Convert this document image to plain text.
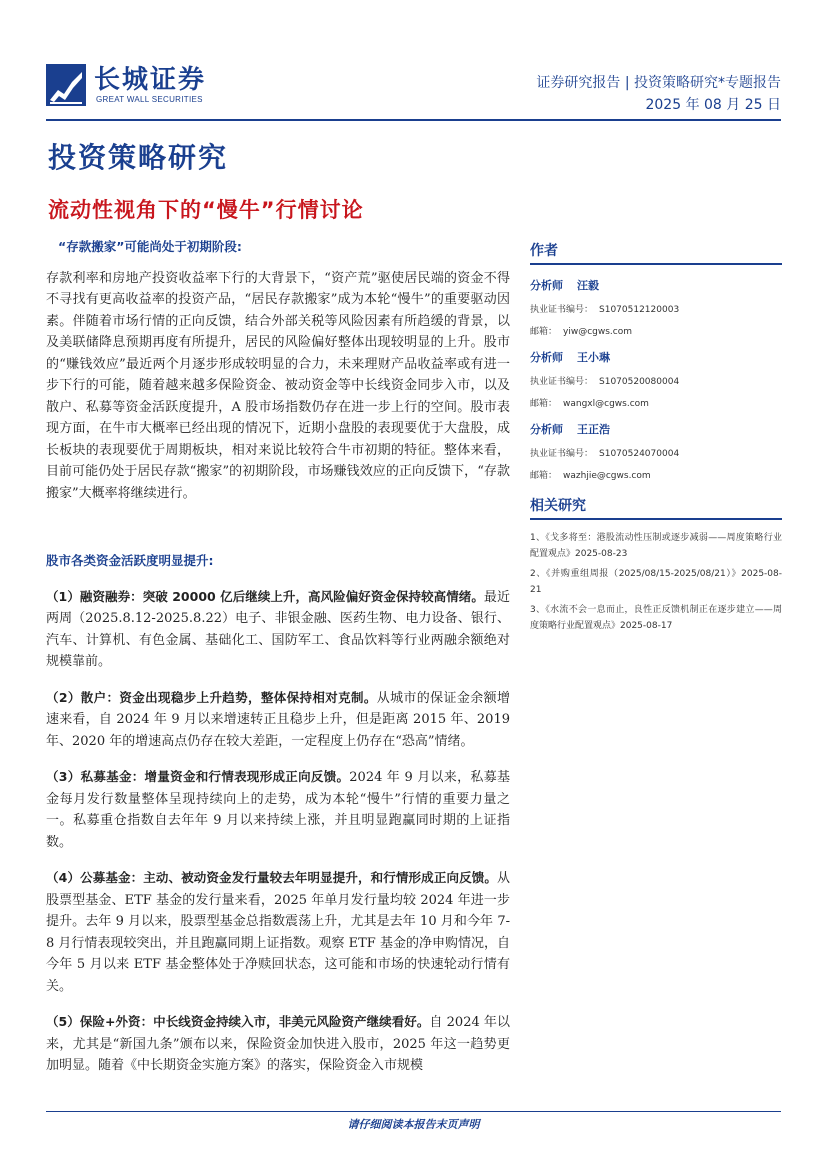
长城证券
GREAT WALL SECURITIES
证券研究报告 | 投资策略研究*专题报告
2025 年 08 月 25 日
投资策略研究
流动性视角下的“慢牛”行情讨论
“存款搬家”可能尚处于初期阶段:
存款利率和房地产投资收益率下行的大背景下，“资产荒”驱使居民端的资金不得不寻找有更高收益率的投资产品，“居民存款搬家”成为本轮“慢牛”的重要驱动因素。伴随着市场行情的正向反馈，结合外部关税等风险因素有所趋缓的背景，以及美联储降息预期再度有所提升，居民的风险偏好整体出现较明显的上升。股市的“赚钱效应”最近两个月逐步形成较明显的合力，未来理财产品收益率或有进一步下行的可能，随着越来越多保险资金、被动资金等中长线资金同步入市，以及散户、私募等资金活跃度提升，A 股市场指数仍存在进一步上行的空间。股市表现方面，在牛市大概率已经出现的情况下，近期小盘股的表现要优于大盘股，成长板块的表现要优于周期板块，相对来说比较符合牛市初期的特征。整体来看，目前可能仍处于居民存款“搬家”的初期阶段，市场赚钱效应的正向反馈下，“存款搬家”大概率将继续进行。
股市各类资金活跃度明显提升:
（1）融资融券：突破 20000 亿后继续上升，高风险偏好资金保持较高情绪。最近两周（2025.8.12-2025.8.22）电子、非银金融、医药生物、电力设备、银行、汽车、计算机、有色金属、基础化工、国防军工、食品饮料等行业两融余额绝对规模靠前。
（2）散户：资金出现稳步上升趋势，整体保持相对克制。从城市的保证金余额增速来看，自 2024 年 9 月以来增速转正且稳步上升，但是距离 2015 年、2019 年、2020 年的增速高点仍存在较大差距，一定程度上仍存在“恐高”情绪。
（3）私募基金：增量资金和行情表现形成正向反馈。2024 年 9 月以来，私募基金每月发行数量整体呈现持续向上的走势，成为本轮“慢牛”行情的重要力量之一。私募重仓指数自去年年 9 月以来持续上涨，并且明显跑赢同时期的上证指数。
（4）公募基金：主动、被动资金发行量较去年明显提升，和行情形成正向反馈。从股票型基金、ETF 基金的发行量来看，2025 年单月发行量均较 2024 年进一步提升。去年 9 月以来，股票型基金总指数震荡上升，尤其是去年 10 月和今年 7-8 月行情表现较突出，并且跑赢同期上证指数。观察 ETF 基金的净申购情况，自今年 5 月以来 ETF 基金整体处于净赎回状态，这可能和市场的快速轮动行情有关。
（5）保险+外资：中长线资金持续入市，非美元风险资产继续看好。自 2024 年以来，尤其是“新国九条”颁布以来，保险资金加快进入股市，2025 年这一趋势更加明显。随着《中长期资金实施方案》的落实，保险资金入市规模
作者
分析师 汪毅
执业证书编号： S1070512120003
邮箱： yiw@cgws.com
分析师 王小琳
执业证书编号： S1070520080004
邮箱： wangxl@cgws.com
分析师 王正浩
执业证书编号： S1070524070004
邮箱： wazhjie@cgws.com
相关研究
1、《戈多将至：港股流动性压制或逐步减弱——周度策略行业配置观点》2025-08-23
2、《并购重组周报（2025/08/15-2025/08/21）》2025-08-21
3、《水流不会一息而止，良性正反馈机制正在逐步建立——周度策略行业配置观点》2025-08-17
请仔细阅读本报告末页声明
